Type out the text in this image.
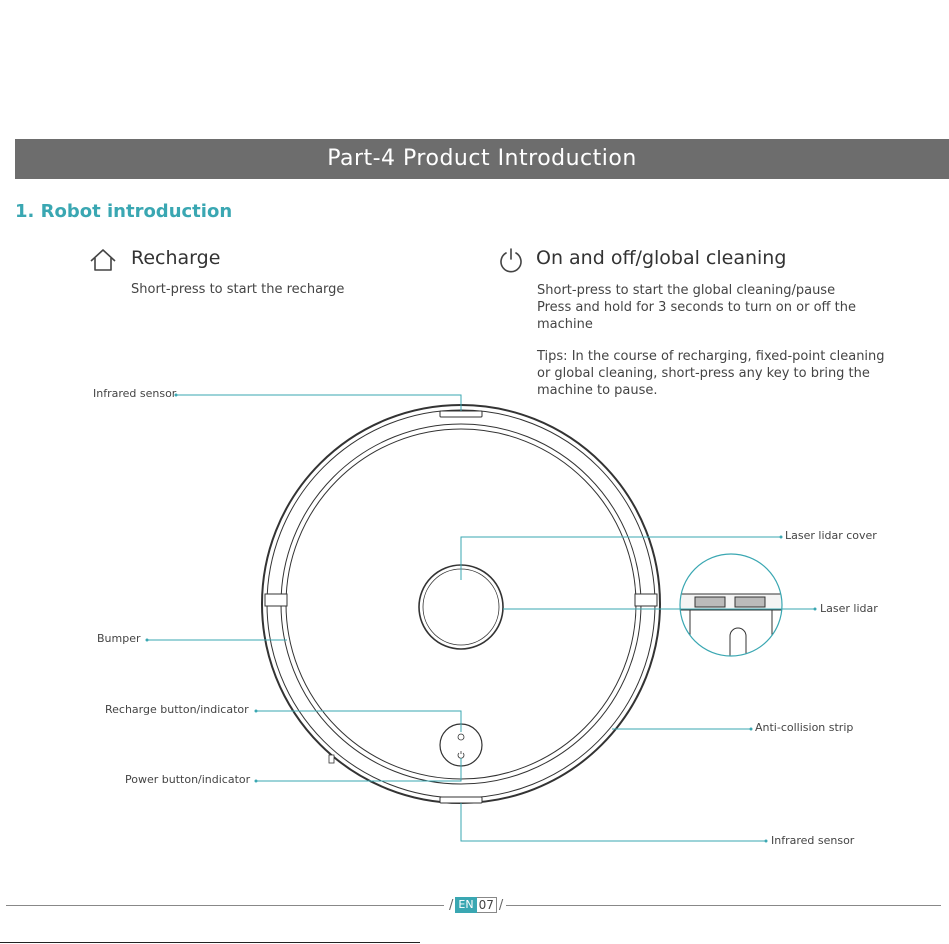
Part-4 Product Introduction
1. Robot introduction
Recharge
Short-press to start the recharge
On and off/global cleaning
Short-press to start the global cleaning/pause
Press and hold for 3 seconds to turn on or off the
machine
Tips: In the course of recharging, fixed-point cleaning
or global cleaning, short-press any key to bring the
machine to pause.
Infrared sensor
Laser lidar cover
Laser lidar
Bumper
Recharge button/indicator
Anti-collision strip
Power button/indicator
Infrared sensor
/ EN 07 /
